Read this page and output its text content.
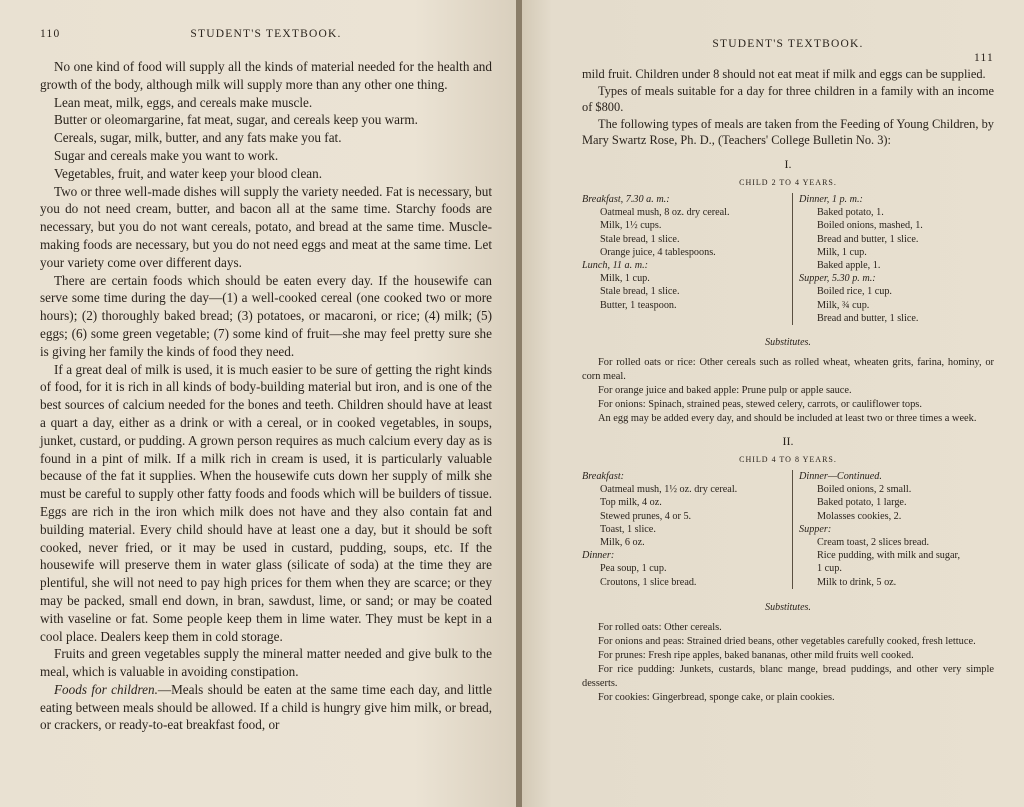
110	STUDENT'S TEXTBOOK.

No one kind of food will supply all the kinds of material needed for the health and growth of the body, although milk will supply more than any other one thing.

Lean meat, milk, eggs, and cereals make muscle.

Butter or oleomargarine, fat meat, sugar, and cereals keep you warm.

Cereals, sugar, milk, butter, and any fats make you fat.

Sugar and cereals make you want to work.

Vegetables, fruit, and water keep your blood clean.

Two or three well-made dishes will supply the variety needed. Fat is necessary, but you do not need cream, butter, and bacon all at the same time. Starchy foods are necessary, but you do not want cereals, potato, and bread at the same time. Muscle-making foods are necessary, but you do not need eggs and meat at the same time. Let your variety come over different days.

There are certain foods which should be eaten every day. If the housewife can serve some time during the day—(1) a well-cooked cereal (one cooked two or more hours); (2) thoroughly baked bread; (3) potatoes, or macaroni, or rice; (4) milk; (5) eggs; (6) some green vegetable; (7) some kind of fruit—she may feel pretty sure she is giving her family the kinds of food they need.

If a great deal of milk is used, it is much easier to be sure of getting the right kinds of food, for it is rich in all kinds of body-building material but iron, and is one of the best sources of calcium needed for the bones and teeth. Children should have at least a quart a day, either as a drink or with a cereal, or in cooked vegetables, in soups, junket, custard, or pudding. A grown person requires as much calcium every day as is found in a pint of milk. If a milk rich in cream is used, it is particularly valuable because of the fat it supplies. When the housewife cuts down her supply of milk she must be careful to supply other fatty foods and foods which will be builders of tissue. Eggs are rich in the iron which milk does not have and they also contain fat and building material. Every child should have at least one a day, but it should be soft cooked, never fried, or it may be used in custard, pudding, soups, etc. If the housewife will preserve them in water glass (silicate of soda) at the time they are plentiful, she will not need to pay high prices for them when they are scarce; or they may be packed, small end down, in bran, sawdust, lime, or sand; or may be coated with vaseline or fat. Some people keep them in lime water. They must be kept in a cool place. Dealers keep them in cold storage.

Fruits and green vegetables supply the mineral matter needed and give bulk to the meal, which is valuable in avoiding constipation.

Foods for children.—Meals should be eaten at the same time each day, and little eating between meals should be allowed. If a child is hungry give him milk, or bread, or crackers, or ready-to-eat breakfast food, or

STUDENT'S TEXTBOOK.
111

mild fruit. Children under 8 should not eat meat if milk and eggs can be supplied.

Types of meals suitable for a day for three children in a family with an income of $800.

The following types of meals are taken from the Feeding of Young Children, by Mary Swartz Rose, Ph. D., (Teachers' College Bulletin No. 3):

I.
CHILD 2 TO 4 YEARS.
Breakfast, 7.30 a. m.:
Oatmeal mush, 8 oz. dry cereal.
Milk, 1½ cups.
Stale bread, 1 slice.
Orange juice, 4 tablespoons.
Lunch, 11 a. m.:
Milk, 1 cup.
Stale bread, 1 slice.
Butter, 1 teaspoon.
Dinner, 1 p. m.:
Baked potato, 1.
Boiled onions, mashed, 1.
Bread and butter, 1 slice.
Milk, 1 cup.
Baked apple, 1.
Supper, 5.30 p. m.:
Boiled rice, 1 cup.
Milk, ¾ cup.
Bread and butter, 1 slice.
Substitutes.

For rolled oats or rice: Other cereals such as rolled wheat, wheaten grits, farina, hominy, or corn meal.

For orange juice and baked apple: Prune pulp or apple sauce.

For onions: Spinach, strained peas, stewed celery, carrots, or cauliflower tops.

An egg may be added every day, and should be included at least two or three times a week.

II.
CHILD 4 TO 8 YEARS.
Breakfast:
Oatmeal mush, 1½ oz. dry cereal.
Top milk, 4 oz.
Stewed prunes, 4 or 5.
Toast, 1 slice.
Milk, 6 oz.
Dinner:
Pea soup, 1 cup.
Croutons, 1 slice bread.
Dinner—Continued.
Boiled onions, 2 small.
Baked potato, 1 large.
Molasses cookies, 2.
Supper:
Cream toast, 2 slices bread.
Rice pudding, with milk and sugar,
1 cup.
Milk to drink, 5 oz.
Substitutes.

For rolled oats: Other cereals.

For onions and peas: Strained dried beans, other vegetables carefully cooked, fresh lettuce.

For prunes: Fresh ripe apples, baked bananas, other mild fruits well cooked.

For rice pudding: Junkets, custards, blanc mange, bread puddings, and other very simple desserts.

For cookies: Gingerbread, sponge cake, or plain cookies.
